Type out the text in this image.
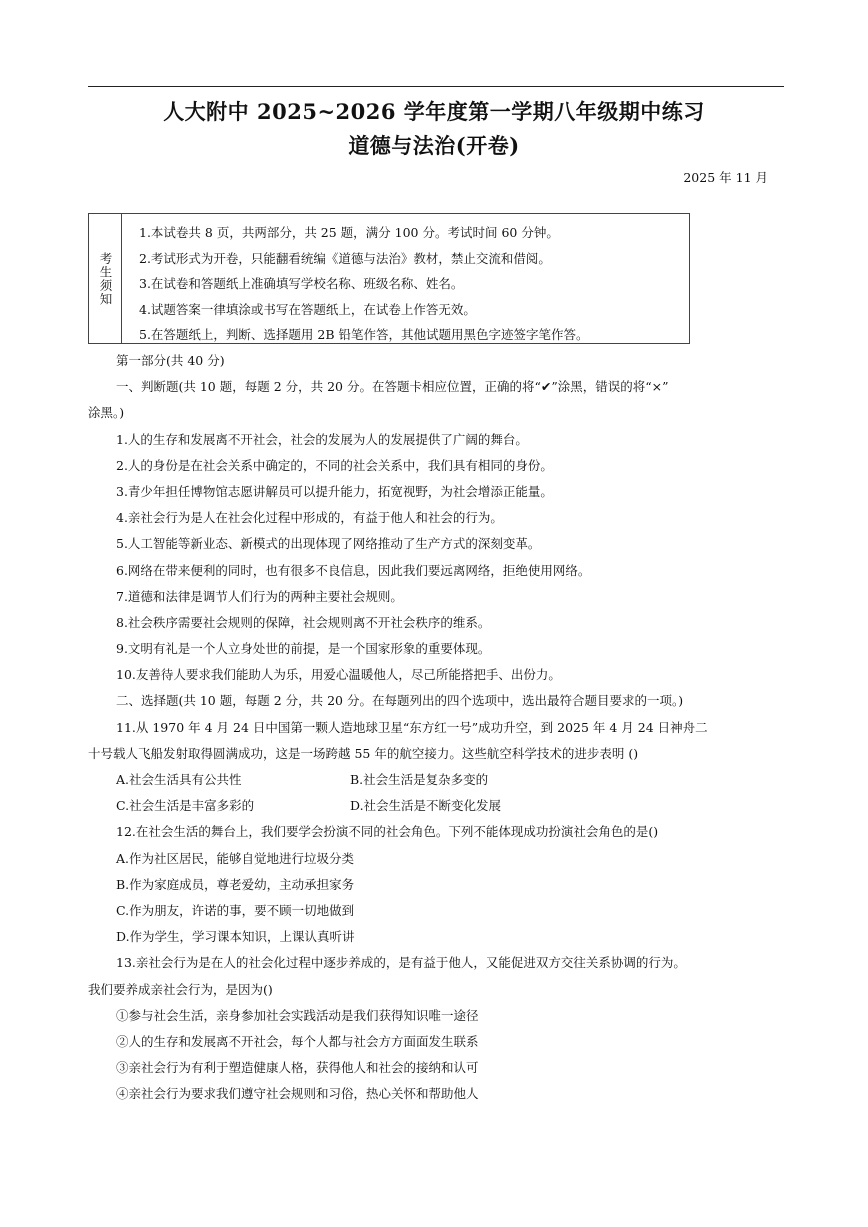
人大附中 2025~2026 学年度第一学期八年级期中练习
道德与法治(开卷)
2025 年 11 月
考生须知
1.本试卷共 8 页，共两部分，共 25 题，满分 100 分。考试时间 60 分钟。
2.考试形式为开卷，只能翻看统编《道德与法治》教材，禁止交流和借阅。
3.在试卷和答题纸上准确填写学校名称、班级名称、姓名。
4.试题答案一律填涂或书写在答题纸上，在试卷上作答无效。
5.在答题纸上，判断、选择题用 2B 铅笔作答，其他试题用黑色字迹签字笔作答。
第一部分(共 40 分)
一、判断题(共 10 题，每题 2 分，共 20 分。在答题卡相应位置，正确的将“✔”涂黑，错误的将“×”
涂黑。)
1.人的生存和发展离不开社会，社会的发展为人的发展提供了广阔的舞台。
2.人的身份是在社会关系中确定的，不同的社会关系中，我们具有相同的身份。
3.青少年担任博物馆志愿讲解员可以提升能力，拓宽视野，为社会增添正能量。
4.亲社会行为是人在社会化过程中形成的，有益于他人和社会的行为。
5.人工智能等新业态、新模式的出现体现了网络推动了生产方式的深刻变革。
6.网络在带来便利的同时，也有很多不良信息，因此我们要远离网络，拒绝使用网络。
7.道德和法律是调节人们行为的两种主要社会规则。
8.社会秩序需要社会规则的保障，社会规则离不开社会秩序的维系。
9.文明有礼是一个人立身处世的前提，是一个国家形象的重要体现。
10.友善待人要求我们能助人为乐，用爱心温暖他人，尽己所能搭把手、出份力。
二、选择题(共 10 题，每题 2 分，共 20 分。在每题列出的四个选项中，选出最符合题目要求的一项。)
11.从 1970 年 4 月 24 日中国第一颗人造地球卫星“东方红一号”成功升空，到 2025 年 4 月 24 日神舟二
十号载人飞船发射取得圆满成功，这是一场跨越 55 年的航空接力。这些航空科学技术的进步表明 ()
A.社会生活具有公共性	B.社会生活是复杂多变的
C.社会生活是丰富多彩的	D.社会生活是不断变化发展
12.在社会生活的舞台上，我们要学会扮演不同的社会角色。下列不能体现成功扮演社会角色的是()
A.作为社区居民，能够自觉地进行垃圾分类
B.作为家庭成员，尊老爱幼，主动承担家务
C.作为朋友，许诺的事，要不顾一切地做到
D.作为学生，学习课本知识，上课认真听讲
13.亲社会行为是在人的社会化过程中逐步养成的，是有益于他人，又能促进双方交往关系协调的行为。
我们要养成亲社会行为，是因为()
①参与社会生活，亲身参加社会实践活动是我们获得知识唯一途径
②人的生存和发展离不开社会，每个人都与社会方方面面发生联系
③亲社会行为有利于塑造健康人格，获得他人和社会的接纳和认可
④亲社会行为要求我们遵守社会规则和习俗，热心关怀和帮助他人
